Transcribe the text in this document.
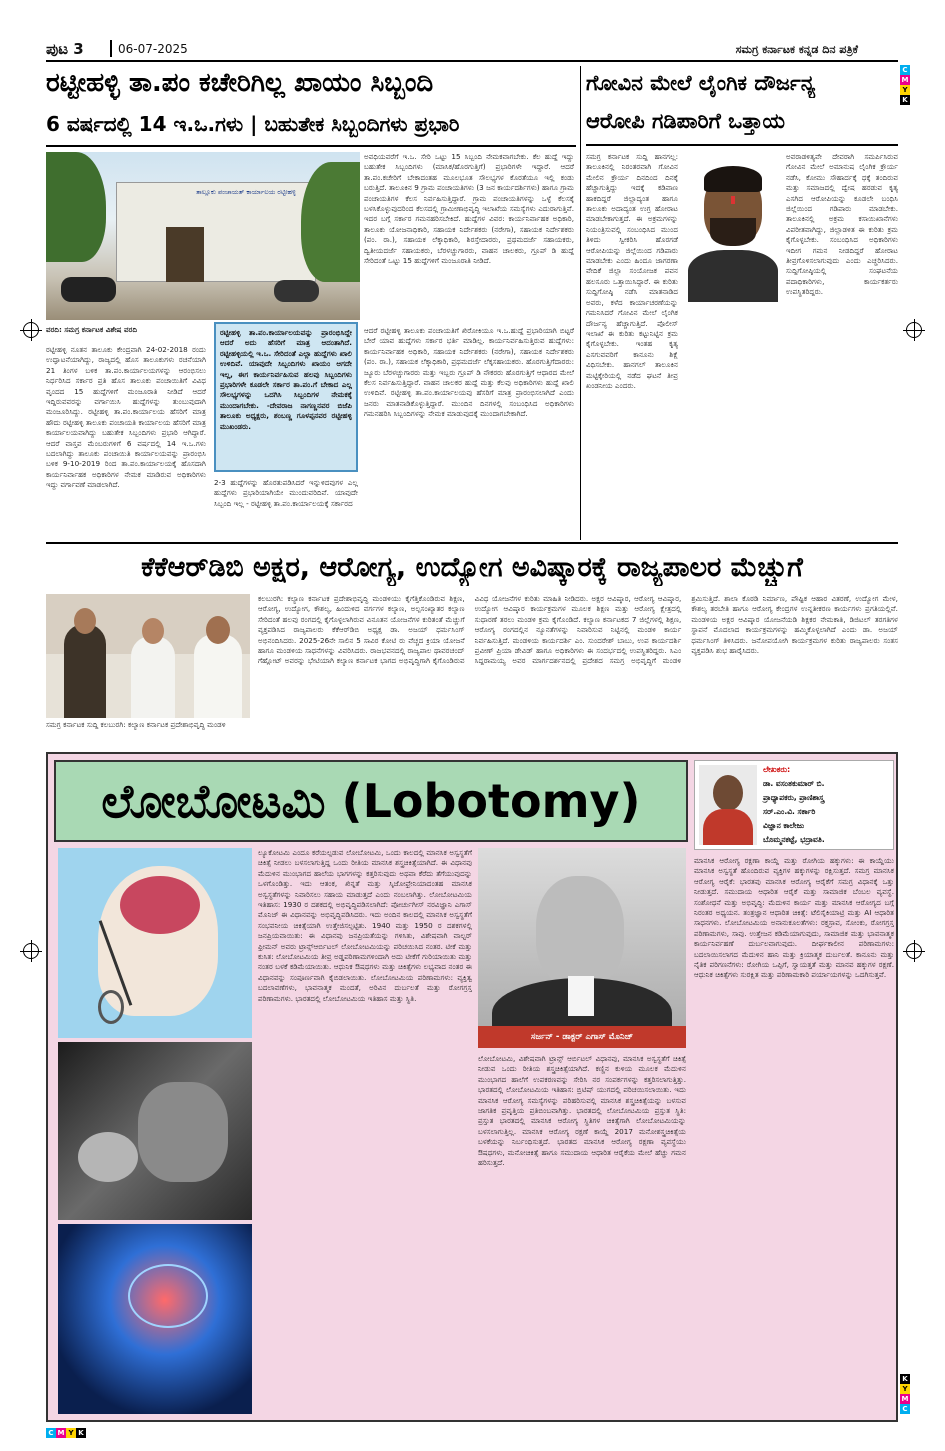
ಪುಟ 3	06-07-2025	ಸಮಗ್ರ ಕರ್ನಾಟಕ ಕನ್ನಡ ದಿನ ಪತ್ರಿಕೆ
C
M
Y
K
ರಟ್ಟೀಹಳ್ಳಿ ತಾ.ಪಂ ಕಚೇರಿಗಿಲ್ಲ ಖಾಯಂ ಸಿಬ್ಬಂದಿ
6 ವರ್ಷದಲ್ಲಿ 14 ಇ.ಒ.ಗಳು | ಬಹುತೇಕ ಸಿಬ್ಬಂದಿಗಳು ಪ್ರಭಾರಿ
ತಾಲ್ಲೂಕು ಪಂಚಾಯತ್ ಕಾರ್ಯಾಲಯ ರಟ್ಟೀಹಳ್ಳಿ
ವರದಿ: ಸಮಗ್ರ ಕರ್ನಾಟಕ ವಿಶೇಷ ವರದಿ
ರಟ್ಟೀಹಳ್ಳಿ ನೂತನ ತಾಲೂಕು ಕೇಂದ್ರವಾಗಿ 24-02-2018 ರಂದು ಉದ್ಘಾಟನೆಯಾಗಿದ್ದು, ರಾಜ್ಯದಲ್ಲಿ ಹೊಸ ತಾಲೂಕುಗಳು ರಚನೆಯಾಗಿ 21 ತಿಂಗಳ ಬಳಿಕ ತಾ.ಪಂ.ಕಾರ್ಯಾಲಯಗಳನ್ನು ಆರಂಭಿಸಲು ನಿರ್ಧರಿಸಿದ ಸರ್ಕಾರ ಪ್ರತಿ ಹೊಸ ತಾಲೂಕು ಪಂಚಾಯಿತಿಗೆ ವಿವಿಧ ವೃಂದದ 15 ಹುದ್ದೆಗಳಿಗೆ ಮಂಜೂರಾತಿ ನೀಡಿದೆ ಆದರೆ ಇದ್ದಿರುವವರನ್ನು ವರ್ಗಾಯಿಸಿ ಹುದ್ದೆಗಳನ್ನು ತುಂಬುವುದಾಗಿ ಮಂಜೂರಿಸಿದ್ದು. ರಟ್ಟೀಹಳ್ಳಿ ತಾ.ಪಂ.ಕಾರ್ಯಾಲಯ ಹೆಸರಿಗೆ ಮಾತ್ರ ಹೌದು ರಟ್ಟೀಹಳ್ಳಿ ತಾಲೂಕು ಪಂಚಾಯತಿ ಕಾರ್ಯಾಲಯ ಹೆಸರಿಗೆ ಮಾತ್ರ ಕಾರ್ಯಾಲಯವಾಗಿದ್ದು ಬಹುತೇಕ ಸಿಬ್ಬಂದಿಗಳು ಪ್ರಭಾರಿ ಆಗಿದ್ದಾರೆ. ಆದರೆ ವಾಸ್ತವ ಮೆಂಬರುಗಳಿಗೆ 6 ವರ್ಷದಲ್ಲಿ 14 ಇ.ಒ.ಗಳು ಬದಲಾಗಿದ್ದು ತಾಲೂಕು ಪಂಚಾಯಿತಿ ಕಾರ್ಯಾಲಯವನ್ನು ಪ್ರಾರಂಭಿಸಿ ಬಳಿಕ 9-10-2019 ರಿಂದ ತಾ.ಪಂ.ಕಾರ್ಯಾಲಯಕ್ಕೆ ಹೊಸದಾಗಿ ಕಾರ್ಯನಿರ್ವಾಹಕ ಅಧಿಕಾರಿಗಳ ನೇಮಕ ಮಾಡಿರುವ ಅಧಿಕಾರಿಗಳು ಇದ್ದು ವರ್ಗಾವಣೆ ಮಾಡಲಾಗಿದೆ.
ಅವಧಿಯವರೆಗೆ ಇ.ಒ. ಸೇರಿ ಒಟ್ಟು 15 ಸಿಬ್ಬಂದಿ ನೇಮಕವಾಗಬೇಕು. ಕೆಲ ಹುದ್ದೆ ಇದ್ದು ಬಹುತೇಕ ಸಿಬ್ಬಂದಿಗಳು (ಮಾಸಿಕ/ಹೊರಗುತ್ತಿಗೆ) ಪ್ರಭಾರಿಗಳೇ ಇದ್ದಾರೆ. ಆದರೆ ತಾ.ಪಂ.ಕಚೇರಿಗೆ ಬೇಕಾದಂತಹ ಮೂಲಭೂತ ಸೌಲಭ್ಯಗಳ ಕೊರತೆಯೂ ಇಲ್ಲಿ ಕಂಡು ಬರುತ್ತಿದೆ. ತಾಲೂಕಿನ 9 ಗ್ರಾಮ ಪಂಚಾಯತಿಗಳು (3 ಜನ ಕಾರ್ಯದರ್ಶಿಗಳು) ಹಾಗೂ ಗ್ರಾಮ ಪಂಚಾಯತಿಗಳ ಕೆಲಸ ನಿರ್ವಹಿಸುತ್ತಿದ್ದಾರೆ. ಗ್ರಾಮ ಪಂಚಾಯತಿಗಳನ್ನು ಒಳ್ಳೆ ಕೆಲಸಕ್ಕೆ ಬಳಸಿಕೊಳ್ಳುವುದರಿಂದ ಕೆಲಸದಲ್ಲಿ ಗ್ರಾಮೀಣಾಭಿವೃದ್ಧಿ ಇಲಾಖೆಯ ಸಮಸ್ಯೆಗಳು ಎದುರಾಗುತ್ತಿವೆ. ಇದರ ಬಗ್ಗೆ ಸರ್ಕಾರ ಗಮನಹರಿಸಬೇಕಿದೆ. ಹುದ್ದೆಗಳ ವಿವರ: ಕಾರ್ಯನಿರ್ವಾಹಕ ಅಧಿಕಾರಿ, ತಾಲೂಕು ಯೋಜನಾಧಿಕಾರಿ, ಸಹಾಯಕ ನಿರ್ದೇಶಕರು (ನರೇಗಾ), ಸಹಾಯಕ ನಿರ್ದೇಶಕರು (ಪಂ. ರಾ.), ಸಹಾಯಕ ಲೆಕ್ಕಾಧಿಕಾರಿ, ಶಿರಸ್ತೇದಾರರು, ಪ್ರಥಮದರ್ಜೆ ಸಹಾಯಕರು, ದ್ವಿತೀಯದರ್ಜೆ ಸಹಾಯಕರು, ಬೆರಳಚ್ಚುಗಾರರು, ವಾಹನ ಚಾಲಕರು, ಗ್ರೂಪ್ ಡಿ ಹುದ್ದೆ ಸೇರಿದಂತೆ ಒಟ್ಟು 15 ಹುದ್ದೆಗಳಿಗೆ ಮಂಜೂರಾತಿ ನೀಡಿದೆ.
ಆದರೆ ರಟ್ಟೀಹಳ್ಳಿ ತಾಲೂಕು ಪಂಚಾಯತಿಗೆ ಖಿರೋಕಿಯೂ ಇ.ಒ.ಹುದ್ದೆ ಪ್ರಭಾರಿಯಾಗಿ ಬಿಟ್ಟರೆ ಬೇರೆ ಯಾವ ಹುದ್ದೆಗಳು ಸರ್ಕಾರ ಭರ್ತಿ ಮಾಡಿಲ್ಲ. ಕಾರ್ಯನಿರ್ವಹಿಸುತ್ತಿರುವ ಹುದ್ದೆಗಳು: ಕಾರ್ಯನಿರ್ವಾಹಕ ಅಧಿಕಾರಿ, ಸಹಾಯಕ ನಿರ್ದೇಶಕರು (ನರೇಗಾ), ಸಹಾಯಕ ನಿರ್ದೇಶಕರು (ಪಂ. ರಾ.), ಸಹಾಯಕ ಲೆಕ್ಕಾಧಿಕಾರಿ, ಪ್ರಥಮದರ್ಜೆ ಲೆಕ್ಕಸಹಾಯಕರು. ಹೊರಗುತ್ತಿಗೆದಾರರು: ಜ್ಯೂರು ಬೆರಳಚ್ಚುಗಾರರು ಮತ್ತು ಇಬ್ಬರು ಗ್ರೂಪ್ ಡಿ ನೌಕರರು ಹೊರಗುತ್ತಿಗೆ ಆಧಾರದ ಮೇಲೆ ಕೆಲಸ ನಿರ್ವಹಿಸುತ್ತಿದ್ದಾರೆ. ವಾಹನ ಚಾಲಕರ ಹುದ್ದೆ ಮತ್ತು ಕೆಲವು ಅಧಿಕಾರಿಗಳು ಹುದ್ದೆ ಖಾಲಿ ಉಳಿದಿವೆ. ರಟ್ಟೀಹಳ್ಳಿ ತಾ.ಪಂ.ಕಾರ್ಯಾಲಯವು ಹೆಸರಿಗೆ ಮಾತ್ರ ಪ್ರಾರಂಭಿಸಲಾಗಿದೆ ಎಂದು ಜನರು ಮಾತನಾಡಿಕೊಳ್ಳುತ್ತಿದ್ದಾರೆ. ಮುಂದಿನ ದಿನಗಳಲ್ಲಿ ಸಂಬಂಧಿಸಿದ ಅಧಿಕಾರಿಗಳು ಗಮನಹರಿಸಿ ಸಿಬ್ಬಂದಿಗಳನ್ನು ನೇಮಕ ಮಾಡುವುದಕ್ಕೆ ಮುಂದಾಗಬೇಕಾಗಿದೆ.
ರಟ್ಟೀಹಳ್ಳಿ ತಾ.ಪಂ.ಕಾರ್ಯಾಲಯವನ್ನು ಪ್ರಾರಂಭಿಸಿದ್ದೇ ಆದರೆ ಅದು ಹೆಸರಿಗೆ ಮಾತ್ರ ಆದಂತಾಗಿದೆ. ರಟ್ಟೀಹಳ್ಳಿಯಲ್ಲಿ ಇ.ಒ. ಸೇರಿದಂತೆ ಎಲ್ಲಾ ಹುದ್ದೆಗಳು ಖಾಲಿ ಉಳಿದಿವೆ. ಯಾವುದೇ ಸಿಬ್ಬಂದಿಗಳು ಖಾಯಂ ಆಗದೇ ಇಲ್ಲ, ಈಗ ಕಾರ್ಯನಿರ್ವಹಿಸುವ ಹಲವು ಸಿಬ್ಬಂದಿಗಳು ಪ್ರಭಾರಿಗಳೇ ಕೂಡಲೇ ಸರ್ಕಾರ ತಾ.ಪಂ.ಗೆ ಬೇಕಾದ ಎಲ್ಲ ಸೌಲಭ್ಯಗಳನ್ನು ಒದಗಿಸಿ ಸಿಬ್ಬಂದಿಗಳ ನೇಮಕಕ್ಕೆ ಮುಂದಾಗಬೇಕು. -ದೇವರಾಜ ನಾಗಣ್ಣನವರ ಬಿಜೆಪಿ ತಾಲೂಕು ಅಧ್ಯಕ್ಷರು, ಶಂಬಣ್ಣ ಗೂಳಪ್ಪನವರ ರಟ್ಟೀಹಳ್ಳಿ ಮುಖಂಡರು.
2-3 ಹುದ್ದೆಗಳನ್ನು ಹೊರತುಪಡಿಸಿದರೆ ಇನ್ನುಳಿದವುಗಳ ಎಲ್ಲ ಹುದ್ದೆಗಳು ಪ್ರಭಾರಿಯಾಗಿಯೇ ಮುಂದುವರಿದಿವೆ. ಯಾವುದೇ ಸಿಬ್ಬಂದಿ ಇಲ್ಲ - ರಟ್ಟೀಹಳ್ಳಿ ತಾ.ಪಂ.ಕಾರ್ಯಾಲಯಕ್ಕೆ ಸರ್ಕಾರದ
ಗೋವಿನ ಮೇಲೆ ಲೈಂಗಿಕ ದೌರ್ಜನ್ಯ
ಆರೋಪಿ ಗಡಿಪಾರಿಗೆ ಒತ್ತಾಯ
ಸಮಗ್ರ ಕರ್ನಾಟಕ ಸುದ್ದಿ ಹಾನಗಲ್ಲ: ತಾಲೂಕಿನಲ್ಲಿ ನಿರಂತರವಾಗಿ ಗೋವಿನ ಮೇಲಿನ ಕ್ರೌರ್ಯ ದಿನದಿಂದ ದಿನಕ್ಕೆ ಹೆಚ್ಚಾಗುತ್ತಿದ್ದು ಇದಕ್ಕೆ ಕಡಿವಾಣ ಹಾಕದಿದ್ದರೆ ಜಿಲ್ಲಾದ್ಯಂತ ಹಾಗೂ ತಾಲೂಕು ಅದಾದ್ಯಂತ ಉಗ್ರ ಹೋರಾಟ ಮಾಡಬೇಕಾಗುತ್ತದೆ. ಈ ಅಕ್ರಮಗಳನ್ನು ನಿಯಂತ್ರಿಸುವಲ್ಲಿ ಸಂಬಂಧಿಸಿದ ಮುಂದ ತಿಳಿದು ಸ್ವೀಕರಿಸಿ ಹೊರಗಡೆ ಆರೋಪಿಯನ್ನು ಜಿಲ್ಲೆಯಿಂದ ಗಡಿಪಾರು ಮಾಡಬೇಕು ಎಂದು ಹಿಂದೂ ಜಾಗರಣಾ ವೇದಿಕೆ ಜಿಲ್ಲಾ ಸಂಯೋಜಕ ಪವನ ಹಲಸೂರು ಒತ್ತಾಯಿಸಿದ್ದಾರೆ. ಈ ಕುರಿತು ಸುದ್ದಿಗೋಷ್ಠಿ ನಡೆಸಿ ಮಾತನಾಡಿದ ಅವರು, ಕಳೆದ ಕಾರ್ಯಾಚರಣೆಯನ್ನು ಗಮನಿಸಿದರೆ ಗೋವಿನ ಮೇಲೆ ಲೈಂಗಿಕ ದೌರ್ಜನ್ಯ ಹೆಚ್ಚಾಗುತ್ತಿದೆ. ಪೊಲೀಸ್ ಇಲಾಖೆ ಈ ಕುರಿತು ಕಟ್ಟುನಿಟ್ಟಿನ ಕ್ರಮ ಕೈಗೊಳ್ಳಬೇಕು. ಇಂತಹ ಕೃತ್ಯ ಎಸಗುವವರಿಗೆ ಕಾನೂನು ಶಿಕ್ಷೆ ವಿಧಿಸಬೇಕು. ಹಾನಗಲ್ ತಾಲೂಕಿನ ಮಟ್ಟಿಕ್ಕೇರಿಯಲ್ಲಿ ನಡೆದ ಘಟನೆ ತೀವ್ರ ಖಂಡನೀಯ ಎಂದರು.
ಅವರಾಡಳಿತ್ಯವೇ ದೇವರಾಗಿ ಸಮರ್ಪಿಸಿರುವ ಗೋವಿನ ಮೇಲೆ ಅಮಾನುಷ ಲೈಂಗಿಕ ಕ್ರೌರ್ಯ ನಡೆಸಿ, ಕೋಮು ಸೌಹಾರ್ದಕ್ಕೆ ಧಕ್ಕೆ ತಂದಿರುವ ಮತ್ತು ಸಮಾಜದಲ್ಲಿ ದ್ವೇಷ ಹರಡುವ ಕೃತ್ಯ ಎಸಗಿದ ಆರೋಪಿಯನ್ನು ಕೂಡಲೇ ಬಂಧಿಸಿ ಜಿಲ್ಲೆಯಿಂದ ಗಡಿಪಾರು ಮಾಡಬೇಕು. ತಾಲೂಕಿನಲ್ಲಿ ಅಕ್ರಮ ಕಸಾಯಿಖಾನೆಗಳು ವಿಪರೀತವಾಗಿದ್ದು, ಜಿಲ್ಲಾಡಳಿತ ಈ ಕುರಿತು ಕ್ರಮ ಕೈಗೊಳ್ಳಬೇಕು. ಸಂಬಂಧಿಸಿದ ಅಧಿಕಾರಿಗಳು ಇದೀಗ ಗಮನ ನೀಡದಿದ್ದರೆ ಹೋರಾಟ ತೀವ್ರಗೊಳಿಸಲಾಗುವುದು ಎಂದು ಎಚ್ಚರಿಸಿದರು. ಸುದ್ದಿಗೋಷ್ಠಿಯಲ್ಲಿ ಸಂಘಟನೆಯ ಪದಾಧಿಕಾರಿಗಳು, ಕಾರ್ಯಕರ್ತರು ಉಪಸ್ಥಿತರಿದ್ದರು.
ಕೆಕೆಆರ್‌ಡಿಬಿ ಅಕ್ಷರ, ಆರೋಗ್ಯ, ಉದ್ಯೋಗ ಅವಿಷ್ಕಾರಕ್ಕೆ ರಾಜ್ಯಪಾಲರ ಮೆಚ್ಚುಗೆ
ಸಮಗ್ರ ಕರ್ನಾಟಕ ಸುದ್ದಿ ಕಲಬುರಗಿ: ಕಲ್ಯಾಣ ಕರ್ನಾಟಕ ಪ್ರದೇಶಾಭಿವೃದ್ಧಿ ಮಂಡಳಿ
ಕಲಬುರಗಿ: ಕಲ್ಯಾಣ ಕರ್ನಾಟಕ ಪ್ರದೇಶಾಭಿವೃದ್ಧಿ ಮಂಡಳಿಯು ಕೈಗೆತ್ತಿಕೊಂಡಿರುವ ಶಿಕ್ಷಣ, ಆರೋಗ್ಯ, ಉದ್ಯೋಗ, ಕೌಶಲ್ಯ, ಹಿಂದುಳಿದ ವರ್ಗಗಳ ಕಲ್ಯಾಣ, ಅಲ್ಪಸಂಖ್ಯಾತರ ಕಲ್ಯಾಣ ಸೇರಿದಂತೆ ಹಲವು ರಂಗದಲ್ಲಿ ಕೈಗೊಳ್ಳಲಾಗಿರುವ ವಿನೂತನ ಯೋಜನೆಗಳ ಕುರಿತಂತೆ ಮೆಚ್ಚುಗೆ ವ್ಯಕ್ತಪಡಿಸಿದ ರಾಜ್ಯಪಾಲರು ಕೆಕೆಆರ್‌ಡಿಬಿ ಅಧ್ಯಕ್ಷ ಡಾ. ಅಜಯ್ ಧರ್ಮಸಿಂಗ್ ಅಭಿನಂದಿಸಿದರು. 2025-26ನೇ ಸಾಲಿನ 5 ಸಾವಿರ ಕೋಟಿ ರು ವೆಚ್ಚದ ಕ್ರಿಯಾ ಯೋಜನೆ ಹಾಗೂ ಮಂಡಳಿಯ ಸಾಧನೆಗಳನ್ನು ವಿವರಿಸಿದರು. ರಾಜಭವನದಲ್ಲಿ ರಾಜ್ಯಪಾಲ ಥಾವರಚಂದ್ ಗೆಹ್ಲೋಟ್ ಅವರನ್ನು ಭೇಟಿಯಾಗಿ ಕಲ್ಯಾಣ ಕರ್ನಾಟಕ ಭಾಗದ ಅಭಿವೃದ್ಧಿಗಾಗಿ ಕೈಗೊಂಡಿರುವ ವಿವಿಧ ಯೋಜನೆಗಳ ಕುರಿತು ಮಾಹಿತಿ ನೀಡಿದರು. ಅಕ್ಷರ ಆವಿಷ್ಕಾರ, ಆರೋಗ್ಯ ಆವಿಷ್ಕಾರ, ಉದ್ಯೋಗ ಆವಿಷ್ಕಾರ ಕಾರ್ಯಕ್ರಮಗಳ ಮೂಲಕ ಶಿಕ್ಷಣ ಮತ್ತು ಆರೋಗ್ಯ ಕ್ಷೇತ್ರದಲ್ಲಿ ಸುಧಾರಣೆ ತರಲು ಮಂಡಳಿ ಕ್ರಮ ಕೈಗೊಂಡಿದೆ. ಕಲ್ಯಾಣ ಕರ್ನಾಟಕದ 7 ಜಿಲ್ಲೆಗಳಲ್ಲಿ ಶಿಕ್ಷಣ, ಆರೋಗ್ಯ ರಂಗದಲ್ಲಿನ ನ್ಯೂನತೆಗಳನ್ನು ನಿವಾರಿಸುವ ನಿಟ್ಟಿನಲ್ಲಿ ಮಂಡಳಿ ಕಾರ್ಯ ನಿರ್ವಹಿಸುತ್ತಿದೆ. ಮಂಡಳಿಯ ಕಾರ್ಯದರ್ಶಿ ಎಂ. ಸುಂದರೇಶ್ ಬಾಬು, ಉಪ ಕಾರ್ಯದರ್ಶಿ ಪ್ರವೀಣ್ ಪ್ರಿಯಾ ಡೇವಿಡ್ ಹಾಗೂ ಅಧಿಕಾರಿಗಳು ಈ ಸಂದರ್ಭದಲ್ಲಿ ಉಪಸ್ಥಿತರಿದ್ದರು. ಸಿಎಂ ಸಿದ್ದರಾಮಯ್ಯ ಅವರ ಮಾರ್ಗದರ್ಶನದಲ್ಲಿ ಪ್ರದೇಶದ ಸಮಗ್ರ ಅಭಿವೃದ್ಧಿಗೆ ಮಂಡಳಿ ಶ್ರಮಿಸುತ್ತಿದೆ. ಶಾಲಾ ಕೊಠಡಿ ನಿರ್ಮಾಣ, ಪೌಷ್ಟಿಕ ಆಹಾರ ವಿತರಣೆ, ಉದ್ಯೋಗ ಮೇಳ, ಕೌಶಲ್ಯ ತರಬೇತಿ ಹಾಗೂ ಆರೋಗ್ಯ ಕೇಂದ್ರಗಳ ಉನ್ನತೀಕರಣ ಕಾರ್ಯಗಳು ಪ್ರಗತಿಯಲ್ಲಿವೆ. ಮಂಡಳಿಯ ಅಕ್ಷರ ಆವಿಷ್ಕಾರ ಯೋಜನೆಯಡಿ ಶಿಕ್ಷಕರ ನೇಮಕಾತಿ, ಡಿಜಿಟಲ್ ತರಗತಿಗಳ ಸ್ಥಾಪನೆ ಮೊದಲಾದ ಕಾರ್ಯಕ್ರಮಗಳನ್ನು ಹಮ್ಮಿಕೊಳ್ಳಲಾಗಿದೆ ಎಂದು ಡಾ. ಅಜಯ್ ಧರ್ಮಸಿಂಗ್ ತಿಳಿಸಿದರು. ಜನೋಪಯೋಗಿ ಕಾರ್ಯಕ್ರಮಗಳ ಕುರಿತು ರಾಜ್ಯಪಾಲರು ಸಂತಸ ವ್ಯಕ್ತಪಡಿಸಿ ಶುಭ ಹಾರೈಸಿದರು.
ಲೋಬೋಟಮಿ (Lobotomy)
ಲೇಖಕರು:
ಡಾ. ವಸಂತಕುಮಾರ್ ಬಿ.
ಪ್ರಾಧ್ಯಾಪಕರು, ಪ್ರಾಣಿಶಾಸ್ತ್ರ
ಸರ್.ಎಂ.ವಿ. ಸರ್ಕಾರಿ
ವಿಜ್ಞಾನ ಕಾಲೇಜು
ಬೊಮ್ಮನಕಟ್ಟೆ, ಭದ್ರಾವತಿ.
ಸರ್ಜನ್ - ಡಾಕ್ಟರ್ ಎಗಾಸ್ ಮೊನಿಜ್
ಲ್ಯೂಕೋಟಮಿ ಎಂದೂ ಕರೆಯಲ್ಪಡುವ ಲೋಬೋಟಮಿ, ಒಂದು ಕಾಲದಲ್ಲಿ ಮಾನಸಿಕ ಅಸ್ವಸ್ಥತೆಗೆ ಚಿಕಿತ್ಸೆ ನೀಡಲು ಬಳಸಲಾಗುತ್ತಿದ್ದ ಒಂದು ರೀತಿಯ ಮಾನಸಿಕ ಶಸ್ತ್ರಚಿಕಿತ್ಸೆಯಾಗಿದೆ. ಈ ವಿಧಾನವು ಮೆದುಳಿನ ಮುಂಭಾಗದ ಹಾಲೆಯ ಭಾಗಗಳನ್ನು ಕತ್ತರಿಸುವುದು ಅಥವಾ ಕೆರೆದು ತೆಗೆಯುವುದನ್ನು ಒಳಗೊಂಡಿತ್ತು. ಇದು ಆತಂಕ, ಖಿನ್ನತೆ ಮತ್ತು ಸ್ಕಿಜೋಫ್ರೇನಿಯಾದಂತಹ ಮಾನಸಿಕ ಅಸ್ವಸ್ಥತೆಗಳನ್ನು ನಿವಾರಿಸಲು ಸಹಾಯ ಮಾಡುತ್ತದೆ ಎಂದು ನಂಬಲಾಗಿತ್ತು. ಲೋಬೋಟಮಿಯ ಇತಿಹಾಸ: 1930 ರ ದಶಕದಲ್ಲಿ ಅಭಿವೃದ್ಧಿಪಡಿಸಲಾಗಿದೆ: ಪೋರ್ಚುಗೀಸ್ ನರವಿಜ್ಞಾನಿ ಎಗಾಸ್ ಮೊನಿಜ್ ಈ ವಿಧಾನವನ್ನು ಅಭಿವೃದ್ಧಿಪಡಿಸಿದರು. ಇದು ಅಂದಿನ ಕಾಲದಲ್ಲಿ ಮಾನಸಿಕ ಅಸ್ವಸ್ಥತೆಗೆ ಸಂಭವನೀಯ ಚಿಕಿತ್ಸೆಯಾಗಿ ಉತ್ತೇಜಿಸಲ್ಪಟ್ಟಿತು. 1940 ಮತ್ತು 1950 ರ ದಶಕಗಳಲ್ಲಿ ಜನಪ್ರಿಯವಾಯಿತು: ಈ ವಿಧಾನವು ಜನಪ್ರಿಯತೆಯನ್ನು ಗಳಿಸಿತು, ವಿಶೇಷವಾಗಿ ವಾಲ್ಟರ್ ಫ್ರೀಮನ್ ಅವರು ಟ್ರಾನ್ಸ್‌ಆರ್ಬಿಟಲ್ ಲೋಬೋಟಮಿಯನ್ನು ಪರಿಚಯಿಸಿದ ನಂತರ. ಟೀಕೆ ಮತ್ತು ಕುಸಿತ: ಲೋಬೋಟಮಿಯ ತೀವ್ರ ಅಡ್ಡಪರಿಣಾಮಗಳಿಂದಾಗಿ ಅದು ಟೀಕೆಗೆ ಗುರಿಯಾಯಿತು ಮತ್ತು ನಂತರ ಬಳಕೆ ಕಡಿಮೆಯಾಯಿತು. ಆಧುನಿಕ ಔಷಧಗಳು ಮತ್ತು ಚಿಕಿತ್ಸೆಗಳು ಲಭ್ಯವಾದ ನಂತರ ಈ ವಿಧಾನವನ್ನು ಸಂಪೂರ್ಣವಾಗಿ ಕೈಬಿಡಲಾಯಿತು. ಲೋಬೋಟಮಿಯ ಪರಿಣಾಮಗಳು: ವ್ಯಕ್ತಿತ್ವ ಬದಲಾವಣೆಗಳು, ಭಾವನಾತ್ಮಕ ಮಂದತೆ, ಅರಿವಿನ ದುರ್ಬಲತೆ ಮತ್ತು ರೋಗಗ್ರಸ್ತ ಪರಿಣಾಮಗಳು. ಭಾರತದಲ್ಲಿ ಲೋಬೋಟಮಿಯ ಇತಿಹಾಸ ಮತ್ತು ಸ್ಥಿತಿ.
ಲೋಬೋಟಮಿ, ವಿಶೇಷವಾಗಿ ಟ್ರಾನ್ಸ್ ಆರ್ಬಿಟಲ್ ವಿಧಾನವು, ಮಾನಸಿಕ ಅಸ್ವಸ್ಥತೆಗೆ ಚಿಕಿತ್ಸೆ ನೀಡುವ ಒಂದು ರೀತಿಯ ಶಸ್ತ್ರಚಿಕಿತ್ಸೆಯಾಗಿದೆ. ಕಣ್ಣಿನ ಕುಳಿಯ ಮೂಲಕ ಮೆದುಳಿನ ಮುಂಭಾಗದ ಹಾಲೆಗೆ ಉಪಕರಣವನ್ನು ಸೇರಿಸಿ ನರ ಸಂಪರ್ಕಗಳನ್ನು ಕತ್ತರಿಸಲಾಗುತ್ತಿತ್ತು. ಭಾರತದಲ್ಲಿ ಲೋಬೋಟಮಿಯ ಇತಿಹಾಸ: ಬ್ರಿಟಿಷ್ ಯುಗದಲ್ಲಿ ಪರಿಚಯಿಸಲಾಯಿತು. ಇದು ಮಾನಸಿಕ ಆರೋಗ್ಯ ಸಮಸ್ಯೆಗಳನ್ನು ಪರಿಹರಿಸುವಲ್ಲಿ ಮಾನಸಿಕ ಶಸ್ತ್ರಚಿಕಿತ್ಸೆಯನ್ನು ಬಳಸುವ ಜಾಗತಿಕ ಪ್ರವೃತ್ತಿಯ ಪ್ರತಿಬಿಂಬವಾಗಿತ್ತು. ಭಾರತದಲ್ಲಿ ಲೋಬೋಟಮಿಯ ಪ್ರಸ್ತುತ ಸ್ಥಿತಿ: ಪ್ರಸ್ತುತ ಭಾರತದಲ್ಲಿ ಮಾನಸಿಕ ಆರೋಗ್ಯ ಸ್ಥಿತಿಗಳ ಚಿಕಿತ್ಸೆಗಾಗಿ ಲೋಬೋಟಮಿಯನ್ನು ಬಳಸಲಾಗುತ್ತಿಲ್ಲ. ಮಾನಸಿಕ ಆರೋಗ್ಯ ರಕ್ಷಣೆ ಕಾಯ್ದೆ 2017 ಮನೋಶಸ್ತ್ರಚಿಕಿತ್ಸೆಯ ಬಳಕೆಯನ್ನು ನಿರ್ಬಂಧಿಸುತ್ತದೆ. ಭಾರತದ ಮಾನಸಿಕ ಆರೋಗ್ಯ ರಕ್ಷಣಾ ವ್ಯವಸ್ಥೆಯು ಔಷಧಗಳು, ಮನೋಚಿಕಿತ್ಸೆ ಹಾಗೂ ಸಮುದಾಯ ಆಧಾರಿತ ಆರೈಕೆಯ ಮೇಲೆ ಹೆಚ್ಚು ಗಮನ ಹರಿಸುತ್ತದೆ.
ಮಾನಸಿಕ ಆರೋಗ್ಯ ರಕ್ಷಣಾ ಕಾಯ್ದೆ ಮತ್ತು ರೋಗಿಯ ಹಕ್ಕುಗಳು: ಈ ಕಾಯ್ದೆಯು ಮಾನಸಿಕ ಅಸ್ವಸ್ಥತೆ ಹೊಂದಿರುವ ವ್ಯಕ್ತಿಗಳ ಹಕ್ಕುಗಳನ್ನು ರಕ್ಷಿಸುತ್ತದೆ. ಸಮಗ್ರ ಮಾನಸಿಕ ಆರೋಗ್ಯ ಆರೈಕೆ: ಭಾರತವು ಮಾನಸಿಕ ಆರೋಗ್ಯ ಆರೈಕೆಗೆ ಸಮಗ್ರ ವಿಧಾನಕ್ಕೆ ಒತ್ತು ನೀಡುತ್ತದೆ. ಸಮುದಾಯ ಆಧಾರಿತ ಆರೈಕೆ ಮತ್ತು ಸಾಮಾಜಿಕ ಬೆಂಬಲ ವ್ಯವಸ್ಥೆ. ಸಂಶೋಧನೆ ಮತ್ತು ಅಭಿವೃದ್ಧಿ: ಮೆದುಳಿನ ಕಾರ್ಯ ಮತ್ತು ಮಾನಸಿಕ ಆರೋಗ್ಯದ ಬಗ್ಗೆ ನಿರಂತರ ಅಧ್ಯಯನ. ತಂತ್ರಜ್ಞಾನ ಆಧಾರಿತ ಚಿಕಿತ್ಸೆ: ಟೆಲಿಸೈಕಿಯಾಟ್ರಿ ಮತ್ತು AI ಆಧಾರಿತ ಸಾಧನಗಳು. ಲೋಬೋಟಮಿಯ ಅನಾನುಕೂಲತೆಗಳು: ರಕ್ತಸ್ರಾವ, ಸೋಂಕು, ರೋಗಗ್ರಸ್ತ ಪರಿಣಾಮಗಳು, ಸಾವು. ಉತ್ತೇಜನ ಕಡಿಮೆಯಾಗುವುದು, ಸಾಮಾಜಿಕ ಮತ್ತು ಭಾವನಾತ್ಮಕ ಕಾರ್ಯನಿರ್ವಹಣೆ ದುರ್ಬಲವಾಗುವುದು. ದೀರ್ಘಕಾಲೀನ ಪರಿಣಾಮಗಳು: ಬದಲಾಯಿಸಲಾಗದ ಮೆದುಳಿನ ಹಾನಿ ಮತ್ತು ಕ್ರಿಯಾತ್ಮಕ ದುರ್ಬಲತೆ. ಕಾನೂನು ಮತ್ತು ನೈತಿಕ ಪರಿಗಣನೆಗಳು: ರೋಗಿಯ ಒಪ್ಪಿಗೆ, ಸ್ವಾಯತ್ತತೆ ಮತ್ತು ಮಾನವ ಹಕ್ಕುಗಳ ರಕ್ಷಣೆ. ಆಧುನಿಕ ಚಿಕಿತ್ಸೆಗಳು ಸುರಕ್ಷಿತ ಮತ್ತು ಪರಿಣಾಮಕಾರಿ ಪರ್ಯಾಯಗಳನ್ನು ಒದಗಿಸುತ್ತವೆ.
K
Y
M
C
C M Y K
